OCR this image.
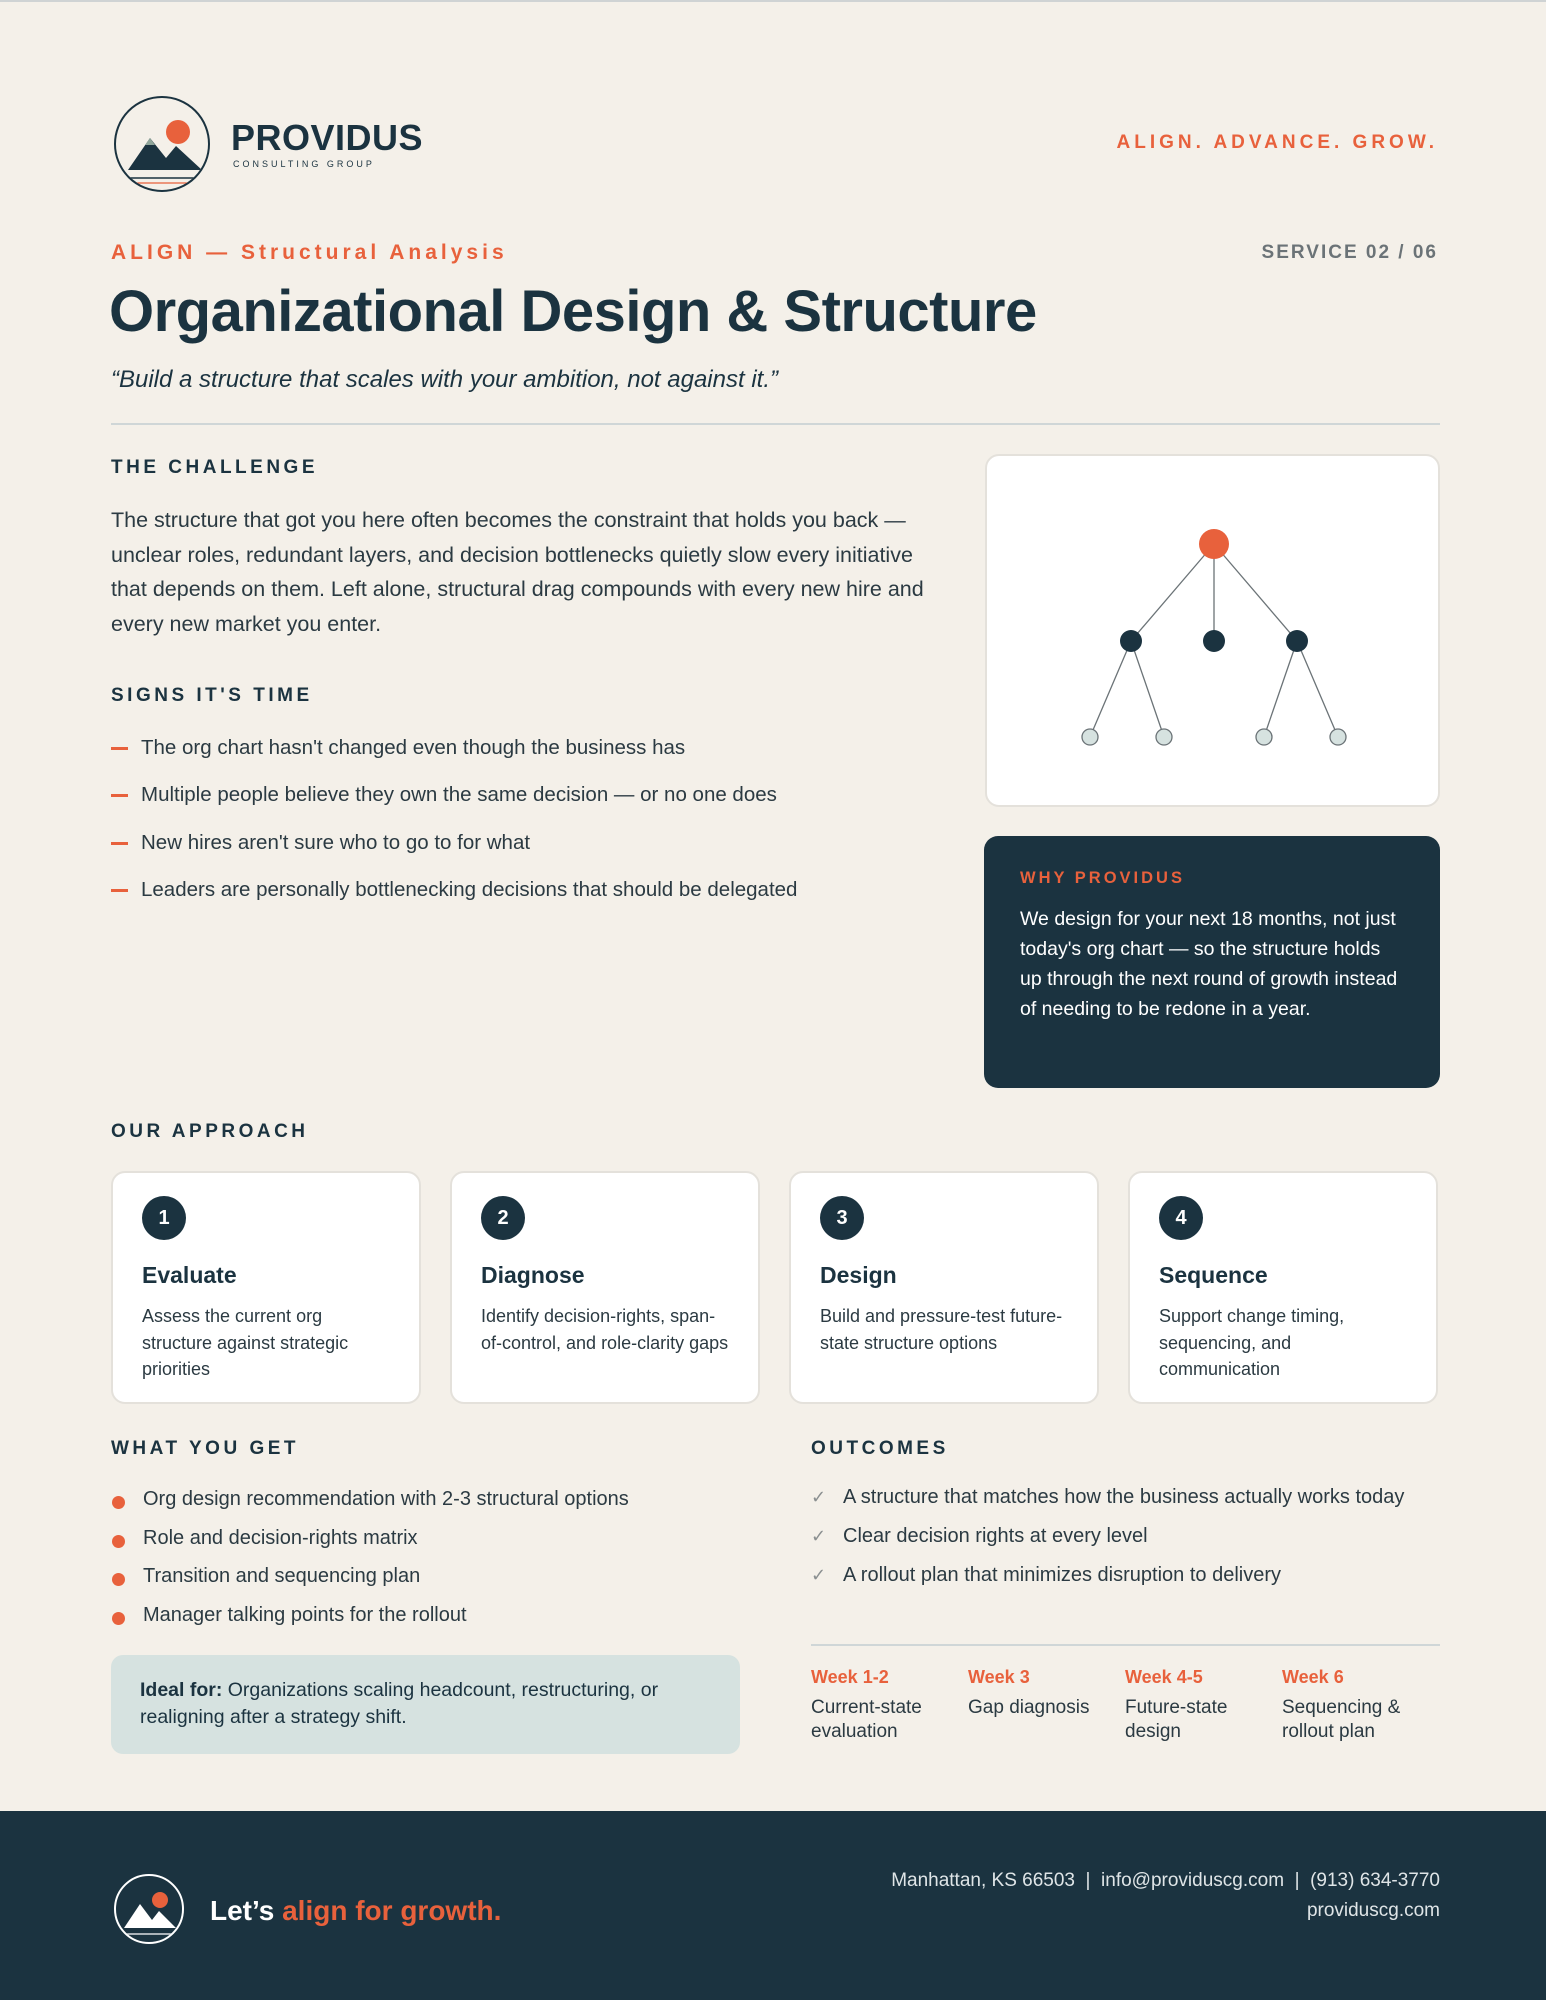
PROVIDUS
CONSULTING GROUP
ALIGN. ADVANCE. GROW.
ALIGN — Structural Analysis	SERVICE 02 / 06
Organizational Design & Structure
“Build a structure that scales with your ambition, not against it.”
THE CHALLENGE
The structure that got you here often becomes the constraint that holds you back — unclear roles, redundant layers, and decision bottlenecks quietly slow every initiative that depends on them. Left alone, structural drag compounds with every new hire and every new market you enter.
SIGNS IT'S TIME
The org chart hasn't changed even though the business has
Multiple people believe they own the same decision — or no one does
New hires aren't sure who to go to for what
Leaders are personally bottlenecking decisions that should be delegated	WHY PROVIDUS
We design for your next 18 months, not just today's org chart — so the structure holds up through the next round of growth instead of needing to be redone in a year.
OUR APPROACH
1
Evaluate
Assess the current org structure against strategic priorities
2
Diagnose
Identify decision-rights, span-of-control, and role-clarity gaps
3
Design
Build and pressure-test future-state structure options
4
Sequence
Support change timing, sequencing, and communication
WHAT YOU GET
Org design recommendation with 2-3 structural options
Role and decision-rights matrix
Transition and sequencing plan
Manager talking points for the rollout
Ideal for: Organizations scaling headcount, restructuring, or realigning after a strategy shift.
OUTCOMES
✓ A structure that matches how the business actually works today
✓ Clear decision rights at every level
✓ A rollout plan that minimizes disruption to delivery
Week 1-2
Current-state evaluation
Week 3
Gap diagnosis
Week 4-5
Future-state design
Week 6
Sequencing & rollout plan
Let’s align for growth.
Manhattan, KS 66503  |  info@providuscg.com  |  (913) 634-3770
providuscg.com
